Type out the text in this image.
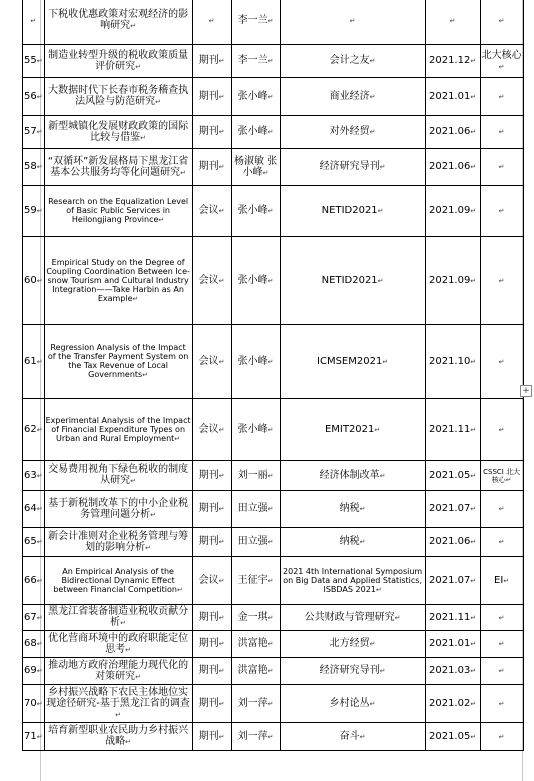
↵	下税收优惠政策对宏观经济的影响研究↵	↵	李一兰↵	↵	↵	↵
55↵	制造业转型升级的税收政策质量评价研究↵	期刊↵	李一兰↵	会计之友↵	2021.12↵	北大核心↵
56↵	大数据时代下长春市税务稽查执法风险与防范研究↵	期刊↵	张小峰↵	商业经济↵	2021.01↵	↵
57↵	新型城镇化发展财政政策的国际比较与借鉴↵	期刊↵	张小峰↵	对外经贸↵	2021.06↵	↵
58↵	“双循环”新发展格局下黑龙江省基本公共服务均等化问题研究↵	期刊↵	杨淑敏 张小峰↵	经济研究导刊↵	2021.06↵	↵
59↵	Research on the Equalization Level of Basic Public Services in Heilongjiang Province↵	会议↵	张小峰↵	NETID2021↵	2021.09↵	↵
60↵	Empirical Study on the Degree of Coupling Coordination Between Ice-snow Tourism and Cultural Industry Integration——Take Harbin as An Example↵	会议↵	张小峰↵	NETID2021↵	2021.09↵	↵
61↵	Regression Analysis of the Impact of the Transfer Payment System on the Tax Revenue of Local Governments↵	会议↵	张小峰↵	ICMSEM2021↵	2021.10↵	↵
62↵	Experimental Analysis of the Impact of Financial Expenditure Types on Urban and Rural Employment↵	会议↵	张小峰↵	EMIT2021↵	2021.11↵	↵
63↵	交易费用视角下绿色税收的制度从研究↵	期刊↵	刘一丽↵	经济体制改革↵	2021.05↵	CSSCI 北大核心↵
64↵	基于新税制改革下的中小企业税务管理问题分析↵	期刊↵	田立强↵	纳税↵	2021.07↵	↵
65↵	新会计准则对企业税务管理与筹划的影响分析↵	期刊↵	田立强↵	纳税↵	2021.06↵	↵
66↵	An Empirical Analysis of the Bidirectional Dynamic Effect between Financial Competition↵	会议↵	王征宇↵	2021 4th International Symposium on Big Data and Applied Statistics, ISBDAS 2021↵	2021.07↵	EI↵
67↵	黑龙江省装备制造业税收贡献分析↵	期刊↵	金一琪↵	公共财政与管理研究↵	2021.11↵	↵
68↵	优化营商环境中的政府职能定位思考↵	期刊↵	洪富艳↵	北方经贸↵	2021.01↵	↵
69↵	推动地方政府治理能力现代化的对策研究↵	期刊↵	洪富艳↵	经济研究导刊↵	2021.03↵	↵
70↵	乡村振兴战略下农民主体地位实现途径研究-基于黑龙江省的调查↵	期刊↵	刘一萍↵	乡村论丛↵	2021.02↵	↵
71↵	培育新型职业农民助力乡村振兴战略↵	期刊↵	刘一萍↵	奋斗↵	2021.05↵	↵
+
